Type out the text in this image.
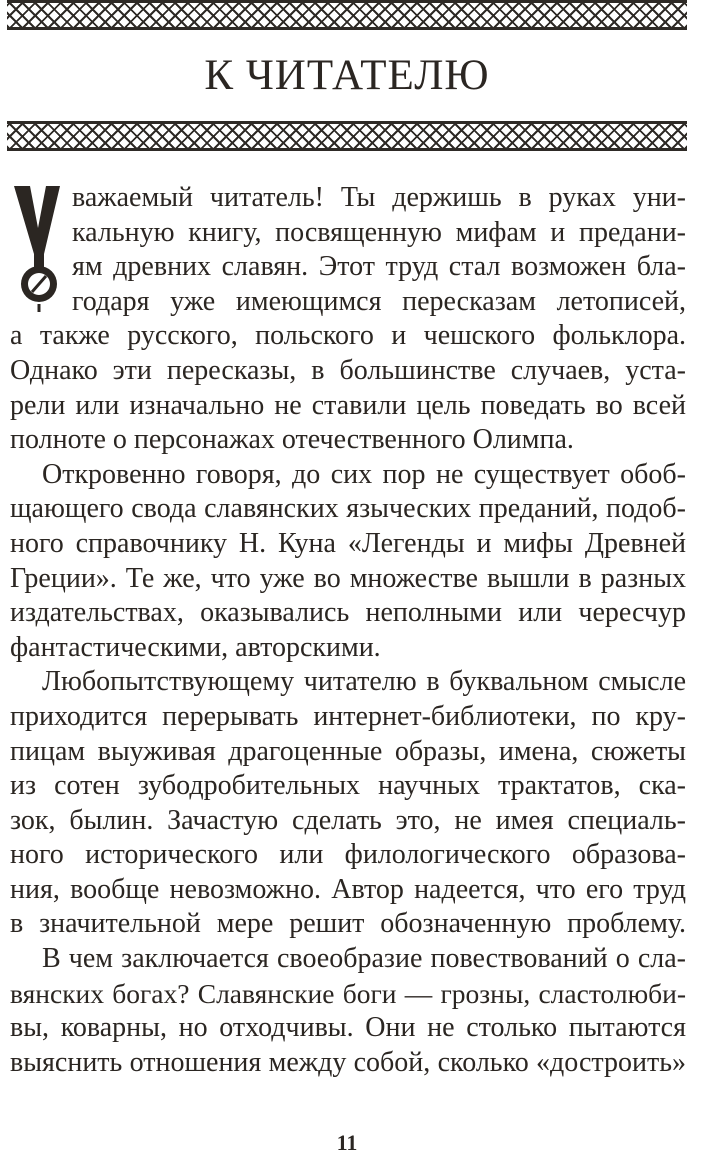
К ЧИТАТЕЛЮ
важаемый читатель! Ты держишь в руках уни-
кальную книгу, посвященную мифам и предани-
ям древних славян. Этот труд стал возможен бла-
годаря уже имеющимся пересказам летописей,
а также русского, польского и чешского фольклора.
Однако эти пересказы, в большинстве случаев, уста-
рели или изначально не ставили цель поведать во всей
полноте о персонажах отечественного Олимпа.
Откровенно говоря, до сих пор не существует обоб-
щающего свода славянских языческих преданий, подоб-
ного справочнику Н. Куна «Легенды и мифы Древней
Греции». Те же, что уже во множестве вышли в разных
издательствах, оказывались неполными или чересчур
фантастическими, авторскими.
Любопытствующему читателю в буквальном смысле
приходится перерывать интернет-библиотеки, по кру-
пицам выуживая драгоценные образы, имена, сюжеты
из сотен зубодробительных научных трактатов, ска-
зок, былин. Зачастую сделать это, не имея специаль-
ного исторического или филологического образова-
ния, вообще невозможно. Автор надеется, что его труд
в значительной мере решит обозначенную проблему.
В чем заключается своеобразие повествований о сла-
вянских богах? Славянские боги — грозны, сластолюби-
вы, коварны, но отходчивы. Они не столько пытаются
выяснить отношения между собой, сколько «достроить»
11
